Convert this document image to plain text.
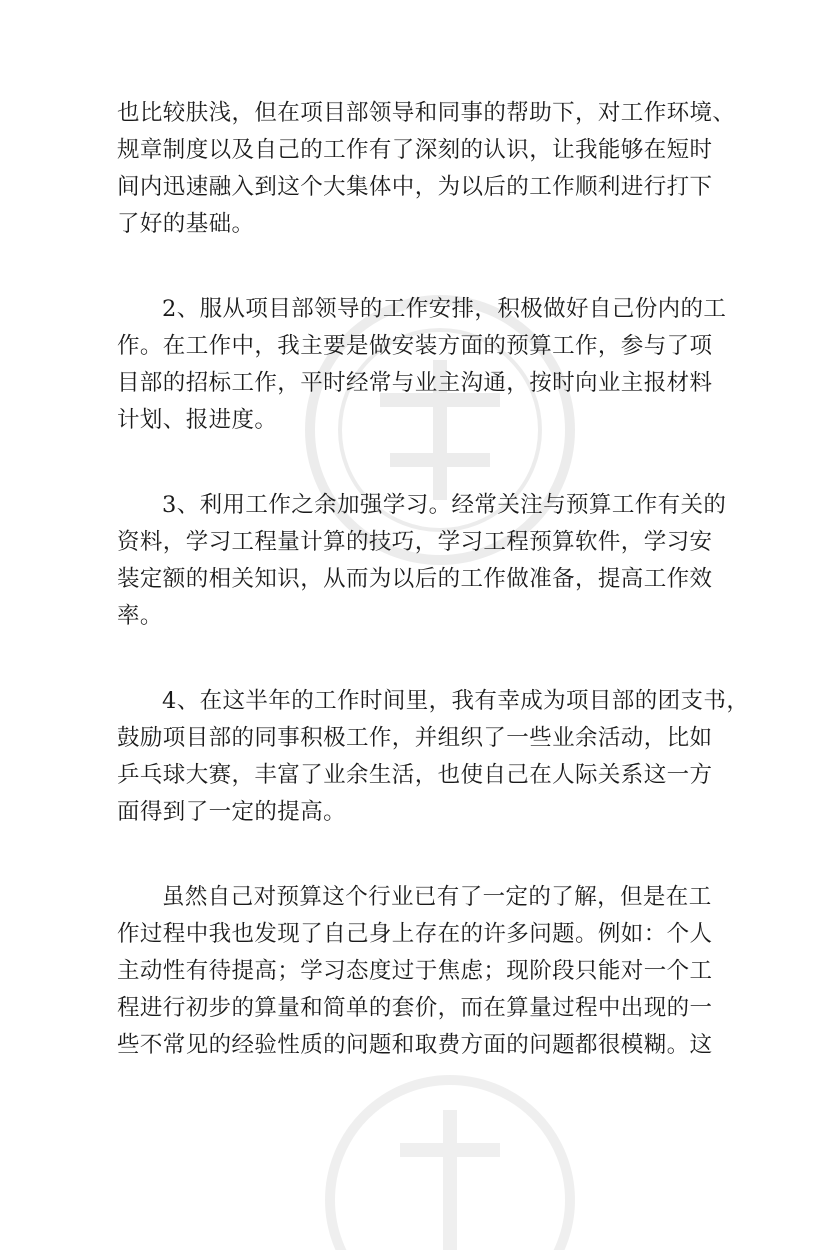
也比较肤浅，但在项目部领导和同事的帮助下，对工作环境、
规章制度以及自己的工作有了深刻的认识，让我能够在短时
间内迅速融入到这个大集体中，为以后的工作顺利进行打下
了好的基础。
2、服从项目部领导的工作安排，积极做好自己份内的工
作。在工作中，我主要是做安装方面的预算工作，参与了项
目部的招标工作，平时经常与业主沟通，按时向业主报材料
计划、报进度。
3、利用工作之余加强学习。经常关注与预算工作有关的
资料，学习工程量计算的技巧，学习工程预算软件，学习安
装定额的相关知识，从而为以后的工作做准备，提高工作效
率。
4、在这半年的工作时间里，我有幸成为项目部的团支书，
鼓励项目部的同事积极工作，并组织了一些业余活动，比如
乒乓球大赛，丰富了业余生活，也使自己在人际关系这一方
面得到了一定的提高。
虽然自己对预算这个行业已有了一定的了解，但是在工
作过程中我也发现了自己身上存在的许多问题。例如：个人
主动性有待提高；学习态度过于焦虑；现阶段只能对一个工
程进行初步的算量和简单的套价，而在算量过程中出现的一
些不常见的经验性质的问题和取费方面的问题都很模糊。这
